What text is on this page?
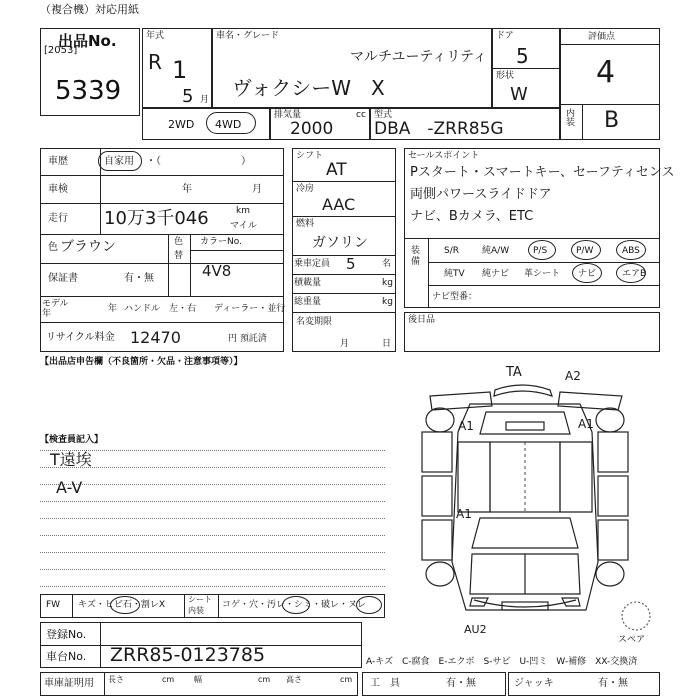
（複合機）対応用紙
出品No.
[2053]
5339
年式
R 1
5 月
車名・グレード
マルチユーティリティ
ヴォクシーW　X
ドア
5
形状
W
評価点
4
内装 B
2WD 4WD
排気量	cc
2000
型式
DBA　-ZRR85G
車歴	自家用 ・（　　　　　　　　）
車検	年	月
走行 10万3千046	km
マイル
色 ブラウン	色
替
カラーNo.
4V8
保証書	有・無
モデル
年	年 ハンドル　左・右 ディーラー・並行
リサイクル料金 12470	円 預託済
シフト
AT
冷房
AAC
燃料
ガソリン
乗車定員 5	名
積載量	kg
総重量	kg
名変期限
月	日
セールスポイント
Pスタート・スマートキー、セーフティセンス
両側パワースライドドア
ナビ、Bカメラ、ETC
装備
S/R	純A/W	P/S	P/W	ABS
純TV 純ナビ 革シート ナビ	エアB
ナビ型番：
後日品
【出品店申告欄（不良箇所・欠品・注意事項等）】
【検査員記入】
T遠埃
A-V
TA	A2
A1	A1
A1
AU2
スペア
FW キズ・ヒビ石・割レX
シート
内装
コゲ・穴・汚レ・シミ・破レ・ヌレ
登録No.
車台No. ZRR85-0123785	A-キズ　C-腐食　E-エクボ　S-サビ　U-凹ミ　W-補修　XX-交換済
車庫証明用 長さ	cm 幅	cm 高さ	cm 工　具	有・無	ジャッキ	有・無
